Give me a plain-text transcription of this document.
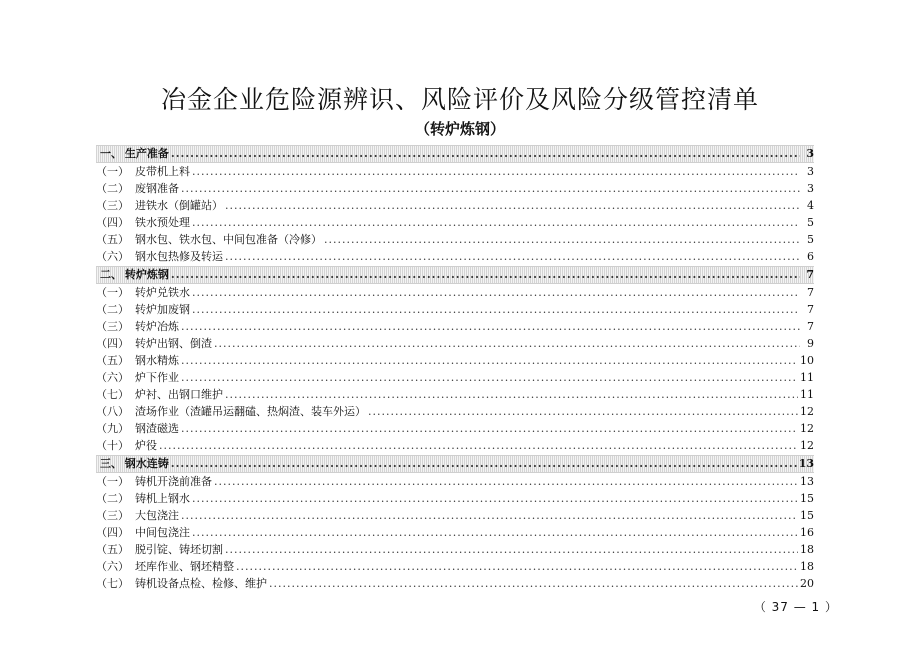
冶金企业危险源辨识、风险评价及风险分级管控清单
（转炉炼钢）
一、 生产准备 .....	3
（一） 皮带机上料 .....	3
（二） 废钢准备 .....	3
（三） 进铁水（倒罐站） .....	4
（四） 铁水预处理 .....	5
（五） 钢水包、铁水包、中间包准备（冷修） .....	5
（六） 钢水包热修及转运 .....	6
二、 转炉炼钢 .....	7
（一） 转炉兑铁水 .....	7
（二） 转炉加废钢 .....	7
（三） 转炉冶炼 .....	7
（四） 转炉出钢、倒渣 .....	9
（五） 钢水精炼 .....	10
（六） 炉下作业 .....	11
（七） 炉衬、出钢口维护 .....	11
（八） 渣场作业（渣罐吊运翻磕、热焖渣、装车外运） .....	12
（九） 钢渣磁选 .....	12
（十） 炉役 .....	12
三、 钢水连铸 .....	13
（一） 铸机开浇前准备 .....	13
（二） 铸机上钢水 .....	15
（三） 大包浇注 .....	15
（四） 中间包浇注 .....	16
（五） 脱引锭、铸坯切割 .....	18
（六） 坯库作业、钢坯精整 .....	18
（七） 铸机设备点检、检修、维护 .....	20
（ 37 — 1 ）
